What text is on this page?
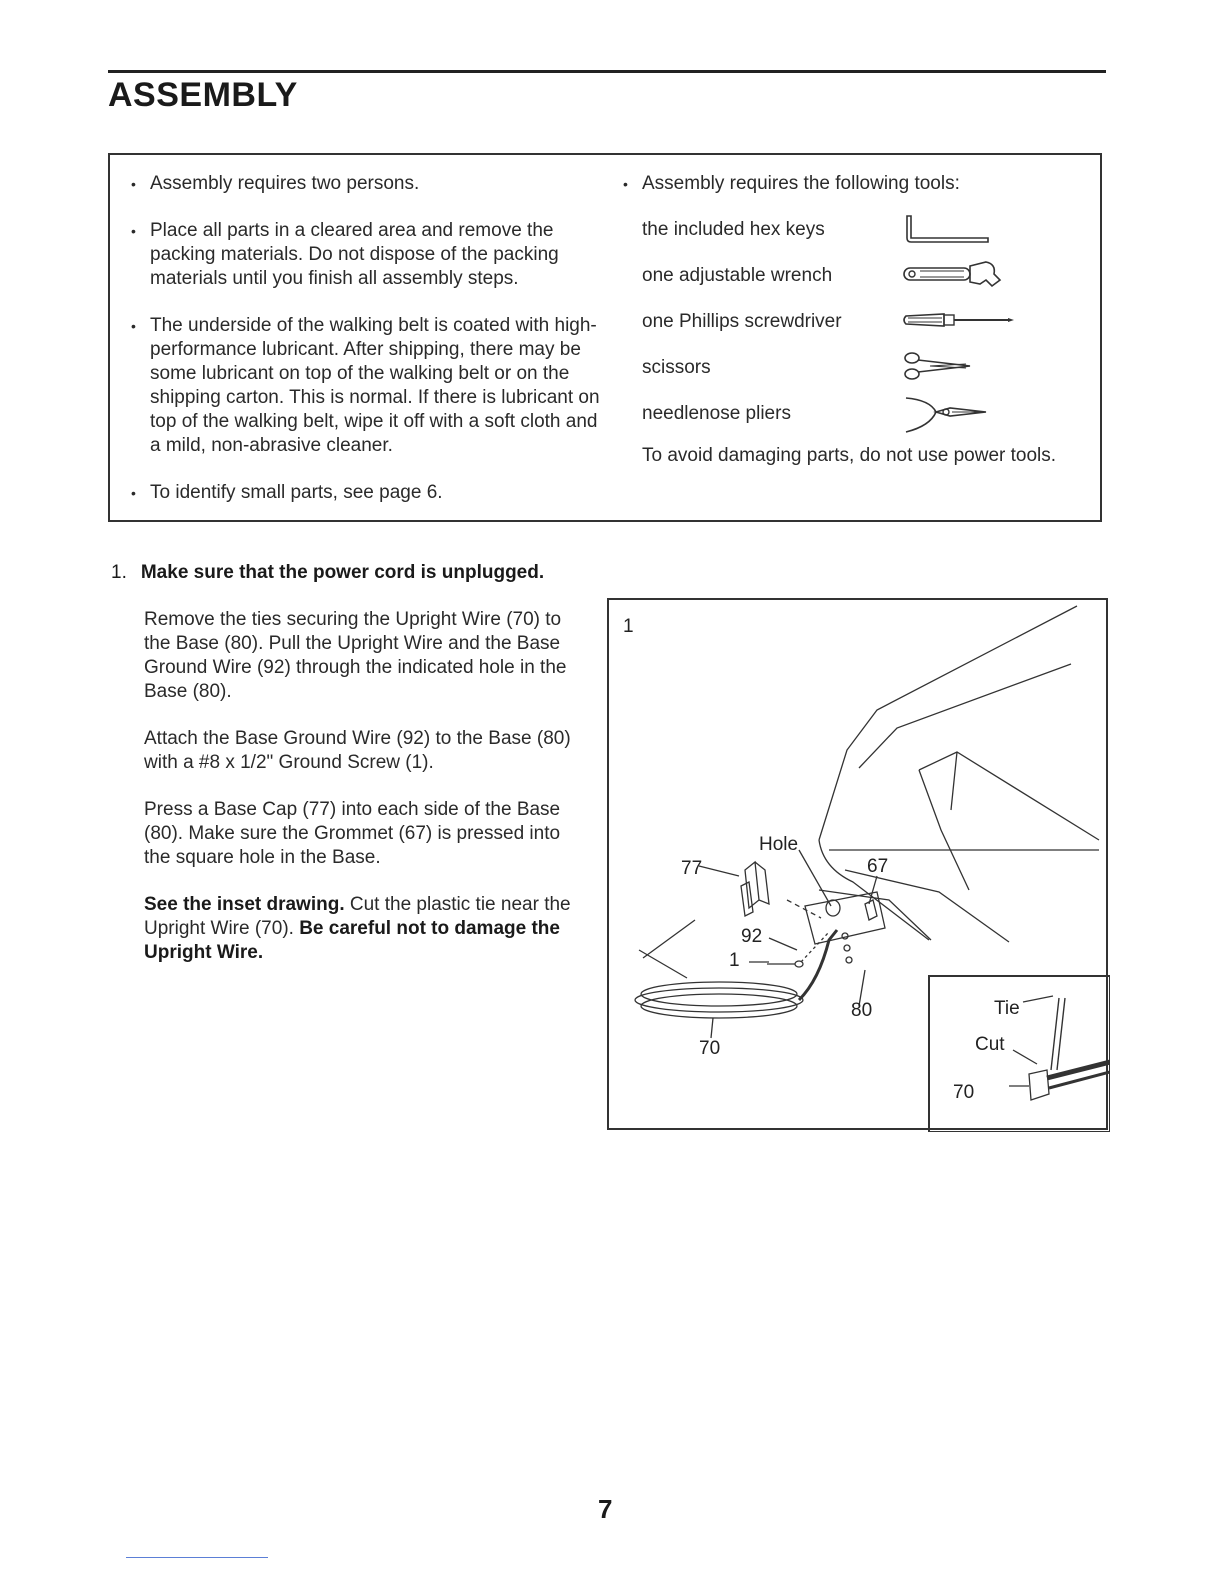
ASSEMBLY
• Assembly requires two persons.
• Place all parts in a cleared area and remove the packing materials. Do not dispose of the packing materials until you finish all assembly steps.
• The underside of the walking belt is coated with high-performance lubricant. After shipping, there may be some lubricant on top of the walking belt or on the shipping carton. This is normal. If there is lubricant on top of the walking belt, wipe it off with a soft cloth and a mild, non-abrasive cleaner.
• To identify small parts, see page 6.
• Assembly requires the following tools:
the included hex keys
one adjustable wrench
one Phillips screwdriver
scissors
needlenose pliers
To avoid damaging parts, do not use power tools.
1. Make sure that the power cord is unplugged.

Remove the ties securing the Upright Wire (70) to the Base (80). Pull the Upright Wire and the Base Ground Wire (92) through the indicated hole in the Base (80).

Attach the Base Ground Wire (92) to the Base (80) with a #8 x 1/2" Ground Screw (1).

Press a Base Cap (77) into each side of the Base (80). Make sure the Grommet (67) is pressed into the square hole in the Base.

See the inset drawing. Cut the plastic tie near the Upright Wire (70). Be careful not to damage the Upright Wire.

1
Hole
77	67
92
1
80
70
Tie
Cut
70
7
